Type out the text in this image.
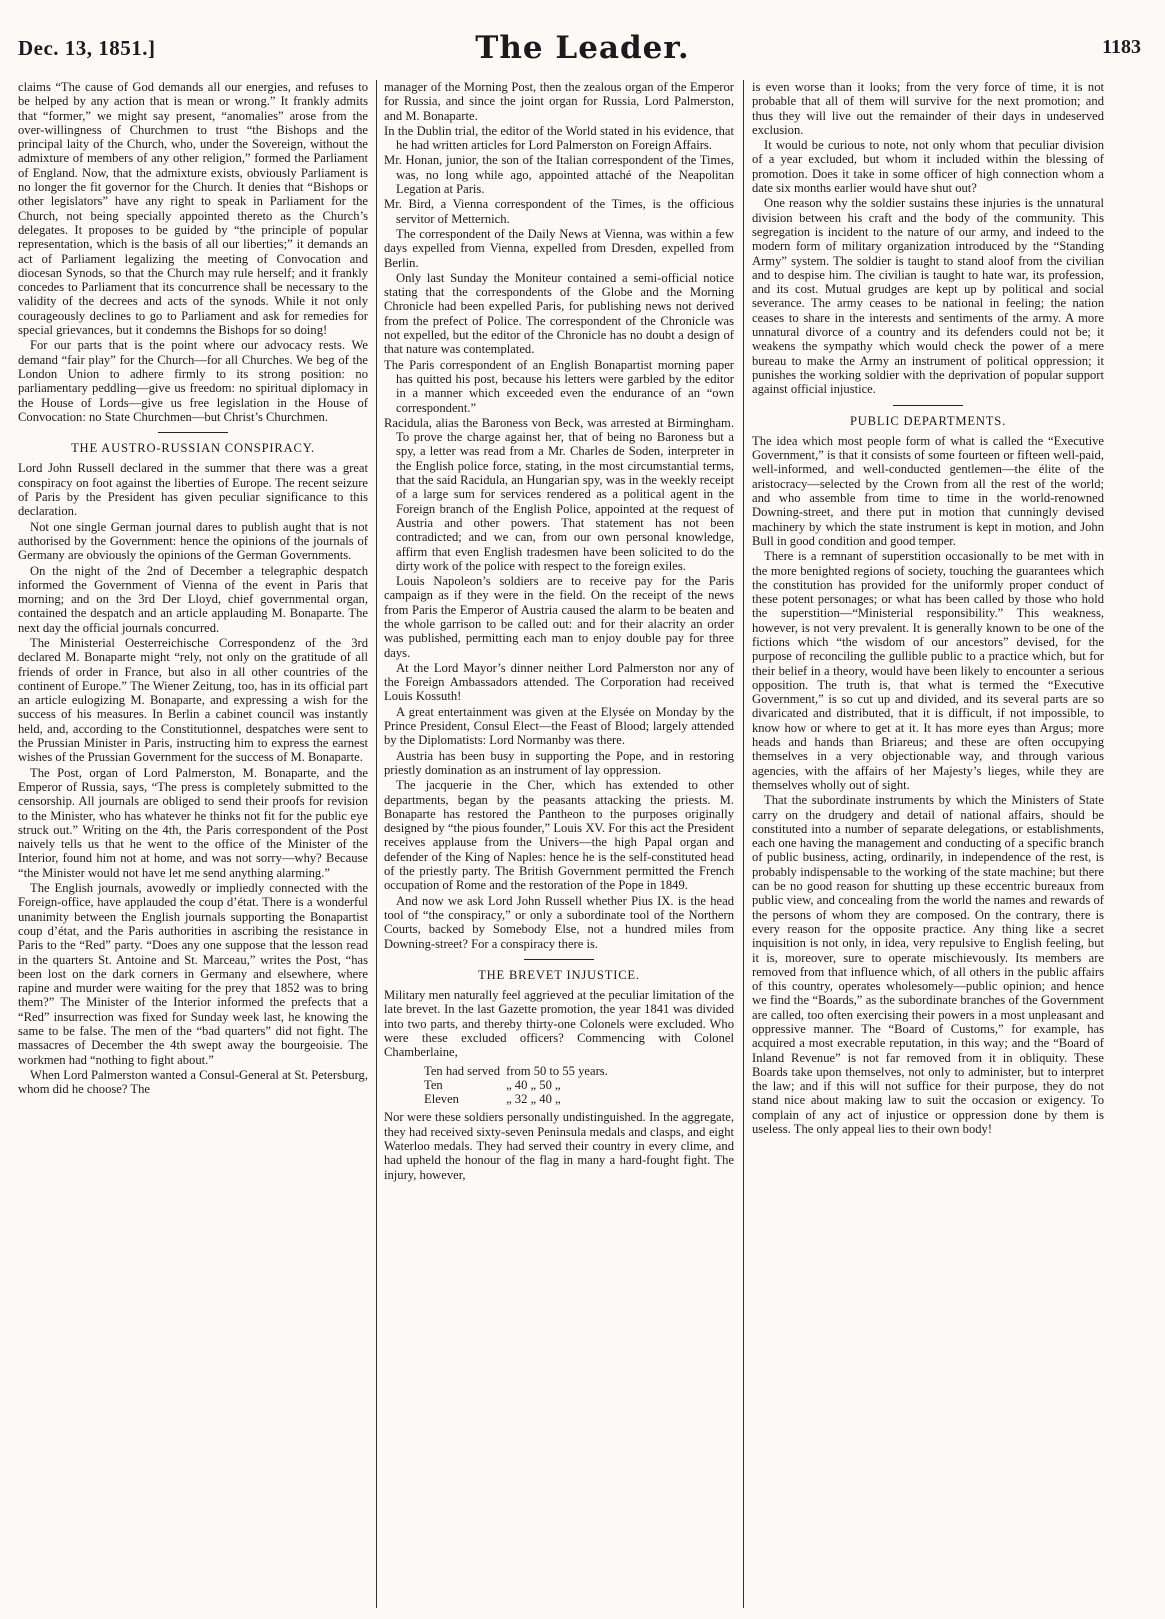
Dec. 13, 1851.]	The Leader.	1183

claims “The cause of God demands all our energies, and refuses to be helped by any action that is mean or wrong.” It frankly admits that “former,” we might say present, “anomalies” arose from the over-willingness of Churchmen to trust “the Bishops and the principal laity of the Church, who, under the Sovereign, without the admixture of members of any other religion,” formed the Parliament of England. Now, that the admixture exists, obviously Parliament is no longer the fit governor for the Church. It denies that “Bishops or other legislators” have any right to speak in Parliament for the Church, not being specially appointed thereto as the Church’s delegates. It proposes to be guided by “the principle of popular representation, which is the basis of all our liberties;” it demands an act of Parliament legalizing the meeting of Convocation and diocesan Synods, so that the Church may rule herself; and it frankly concedes to Parliament that its concurrence shall be necessary to the validity of the decrees and acts of the synods. While it not only courageously declines to go to Parliament and ask for remedies for special grievances, but it condemns the Bishops for so doing!

For our parts that is the point where our advocacy rests. We demand “fair play” for the Church—for all Churches. We beg of the London Union to adhere firmly to its strong position: no parliamentary peddling—give us freedom: no spiritual diplomacy in the House of Lords—give us free legislation in the House of Convocation: no State Churchmen—but Christ’s Churchmen.

THE AUSTRO-RUSSIAN CONSPIRACY.

Lord John Russell declared in the summer that there was a great conspiracy on foot against the liberties of Europe. The recent seizure of Paris by the President has given peculiar significance to this declaration.

Not one single German journal dares to publish aught that is not authorised by the Government: hence the opinions of the journals of Germany are obviously the opinions of the German Governments.

On the night of the 2nd of December a telegraphic despatch informed the Government of Vienna of the event in Paris that morning; and on the 3rd Der Lloyd, chief governmental organ, contained the despatch and an article applauding M. Bonaparte. The next day the official journals concurred.

The Ministerial Oesterreichische Correspondenz of the 3rd declared M. Bonaparte might “rely, not only on the gratitude of all friends of order in France, but also in all other countries of the continent of Europe.” The Wiener Zeitung, too, has in its official part an article eulogizing M. Bonaparte, and expressing a wish for the success of his measures. In Berlin a cabinet council was instantly held, and, according to the Constitutionnel, despatches were sent to the Prussian Minister in Paris, instructing him to express the earnest wishes of the Prussian Government for the success of M. Bonaparte.

The Post, organ of Lord Palmerston, M. Bonaparte, and the Emperor of Russia, says, “The press is completely submitted to the censorship. All journals are obliged to send their proofs for revision to the Minister, who has whatever he thinks not fit for the public eye struck out.” Writing on the 4th, the Paris correspondent of the Post naively tells us that he went to the office of the Minister of the Interior, found him not at home, and was not sorry—why? Because “the Minister would not have let me send anything alarming.”

The English journals, avowedly or impliedly connected with the Foreign-office, have applauded the coup d’état. There is a wonderful unanimity between the English journals supporting the Bonapartist coup d’état, and the Paris authorities in ascribing the resistance in Paris to the “Red” party. “Does any one suppose that the lesson read in the quarters St. Antoine and St. Marceau,” writes the Post, “has been lost on the dark corners in Germany and elsewhere, where rapine and murder were waiting for the prey that 1852 was to bring them?” The Minister of the Interior informed the prefects that a “Red” insurrection was fixed for Sunday week last, he knowing the same to be false. The men of the “bad quarters” did not fight. The massacres of December the 4th swept away the bourgeoisie. The workmen had “nothing to fight about.”

When Lord Palmerston wanted a Consul-General at St. Petersburg, whom did he choose? The

manager of the Morning Post, then the zealous organ of the Emperor for Russia, and since the joint organ for Russia, Lord Palmerston, and M. Bonaparte.

In the Dublin trial, the editor of the World stated in his evidence, that he had written articles for Lord Palmerston on Foreign Affairs.

Mr. Honan, junior, the son of the Italian correspondent of the Times, was, no long while ago, appointed attaché of the Neapolitan Legation at Paris.

Mr. Bird, a Vienna correspondent of the Times, is the officious servitor of Metternich.

The correspondent of the Daily News at Vienna, was within a few days expelled from Vienna, expelled from Dresden, expelled from Berlin.

Only last Sunday the Moniteur contained a semi-official notice stating that the correspondents of the Globe and the Morning Chronicle had been expelled Paris, for publishing news not derived from the prefect of Police. The correspondent of the Chronicle was not expelled, but the editor of the Chronicle has no doubt a design of that nature was contemplated.

The Paris correspondent of an English Bonapartist morning paper has quitted his post, because his letters were garbled by the editor in a manner which exceeded even the endurance of an “own correspondent.”

Racidula, alias the Baroness von Beck, was arrested at Birmingham. To prove the charge against her, that of being no Baroness but a spy, a letter was read from a Mr. Charles de Soden, interpreter in the English police force, stating, in the most circumstantial terms, that the said Racidula, an Hungarian spy, was in the weekly receipt of a large sum for services rendered as a political agent in the Foreign branch of the English Police, appointed at the request of Austria and other powers. That statement has not been contradicted; and we can, from our own personal knowledge, affirm that even English tradesmen have been solicited to do the dirty work of the police with respect to the foreign exiles.

Louis Napoleon’s soldiers are to receive pay for the Paris campaign as if they were in the field. On the receipt of the news from Paris the Emperor of Austria caused the alarm to be beaten and the whole garrison to be called out: and for their alacrity an order was published, permitting each man to enjoy double pay for three days.

At the Lord Mayor’s dinner neither Lord Palmerston nor any of the Foreign Ambassadors attended. The Corporation had received Louis Kossuth!

A great entertainment was given at the Elysée on Monday by the Prince President, Consul Elect—the Feast of Blood; largely attended by the Diplomatists: Lord Normanby was there.

Austria has been busy in supporting the Pope, and in restoring priestly domination as an instrument of lay oppression.

The jacquerie in the Cher, which has extended to other departments, began by the peasants attacking the priests. M. Bonaparte has restored the Pantheon to the purposes originally designed by “the pious founder,” Louis XV. For this act the President receives applause from the Univers—the high Papal organ and defender of the King of Naples: hence he is the self-constituted head of the priestly party. The British Government permitted the French occupation of Rome and the restoration of the Pope in 1849.

And now we ask Lord John Russell whether Pius IX. is the head tool of “the conspiracy,” or only a subordinate tool of the Northern Courts, backed by Somebody Else, not a hundred miles from Downing-street? For a conspiracy there is.

THE BREVET INJUSTICE.

Military men naturally feel aggrieved at the peculiar limitation of the late brevet. In the last Gazette promotion, the year 1841 was divided into two parts, and thereby thirty-one Colonels were excluded. Who were these excluded officers? Commencing with Colonel Chamberlaine,

Ten had served	from 50 to 55 years.
Ten	„ 40 „ 50 „
Eleven	„ 32 „ 40 „

Nor were these soldiers personally undistinguished. In the aggregate, they had received sixty-seven Peninsula medals and clasps, and eight Waterloo medals. They had served their country in every clime, and had upheld the honour of the flag in many a hard-fought fight. The injury, however,

is even worse than it looks; from the very force of time, it is not probable that all of them will survive for the next promotion; and thus they will live out the remainder of their days in undeserved exclusion.

It would be curious to note, not only whom that peculiar division of a year excluded, but whom it included within the blessing of promotion. Does it take in some officer of high connection whom a date six months earlier would have shut out?

One reason why the soldier sustains these injuries is the unnatural division between his craft and the body of the community. This segregation is incident to the nature of our army, and indeed to the modern form of military organization introduced by the “Standing Army” system. The soldier is taught to stand aloof from the civilian and to despise him. The civilian is taught to hate war, its profession, and its cost. Mutual grudges are kept up by political and social severance. The army ceases to be national in feeling; the nation ceases to share in the interests and sentiments of the army. A more unnatural divorce of a country and its defenders could not be; it weakens the sympathy which would check the power of a mere bureau to make the Army an instrument of political oppression; it punishes the working soldier with the deprivation of popular support against official injustice.

PUBLIC DEPARTMENTS.

The idea which most people form of what is called the “Executive Government,” is that it consists of some fourteen or fifteen well-paid, well-informed, and well-conducted gentlemen—the élite of the aristocracy—selected by the Crown from all the rest of the world; and who assemble from time to time in the world-renowned Downing-street, and there put in motion that cunningly devised machinery by which the state instrument is kept in motion, and John Bull in good condition and good temper.

There is a remnant of superstition occasionally to be met with in the more benighted regions of society, touching the guarantees which the constitution has provided for the uniformly proper conduct of these potent personages; or what has been called by those who hold the superstition—“Ministerial responsibility.” This weakness, however, is not very prevalent. It is generally known to be one of the fictions which “the wisdom of our ancestors” devised, for the purpose of reconciling the gullible public to a practice which, but for their belief in a theory, would have been likely to encounter a serious opposition. The truth is, that what is termed the “Executive Government,” is so cut up and divided, and its several parts are so divaricated and distributed, that it is difficult, if not impossible, to know how or where to get at it. It has more eyes than Argus; more heads and hands than Briareus; and these are often occupying themselves in a very objectionable way, and through various agencies, with the affairs of her Majesty’s lieges, while they are themselves wholly out of sight.

That the subordinate instruments by which the Ministers of State carry on the drudgery and detail of national affairs, should be constituted into a number of separate delegations, or establishments, each one having the management and conducting of a specific branch of public business, acting, ordinarily, in independence of the rest, is probably indispensable to the working of the state machine; but there can be no good reason for shutting up these eccentric bureaux from public view, and concealing from the world the names and rewards of the persons of whom they are composed. On the contrary, there is every reason for the opposite practice. Any thing like a secret inquisition is not only, in idea, very repulsive to English feeling, but it is, moreover, sure to operate mischievously. Its members are removed from that influence which, of all others in the public affairs of this country, operates wholesomely—public opinion; and hence we find the “Boards,” as the subordinate branches of the Government are called, too often exercising their powers in a most unpleasant and oppressive manner. The “Board of Customs,” for example, has acquired a most execrable reputation, in this way; and the “Board of Inland Revenue” is not far removed from it in obliquity. These Boards take upon themselves, not only to administer, but to interpret the law; and if this will not suffice for their purpose, they do not stand nice about making law to suit the occasion or exigency. To complain of any act of injustice or oppression done by them is useless. The only appeal lies to their own body!
